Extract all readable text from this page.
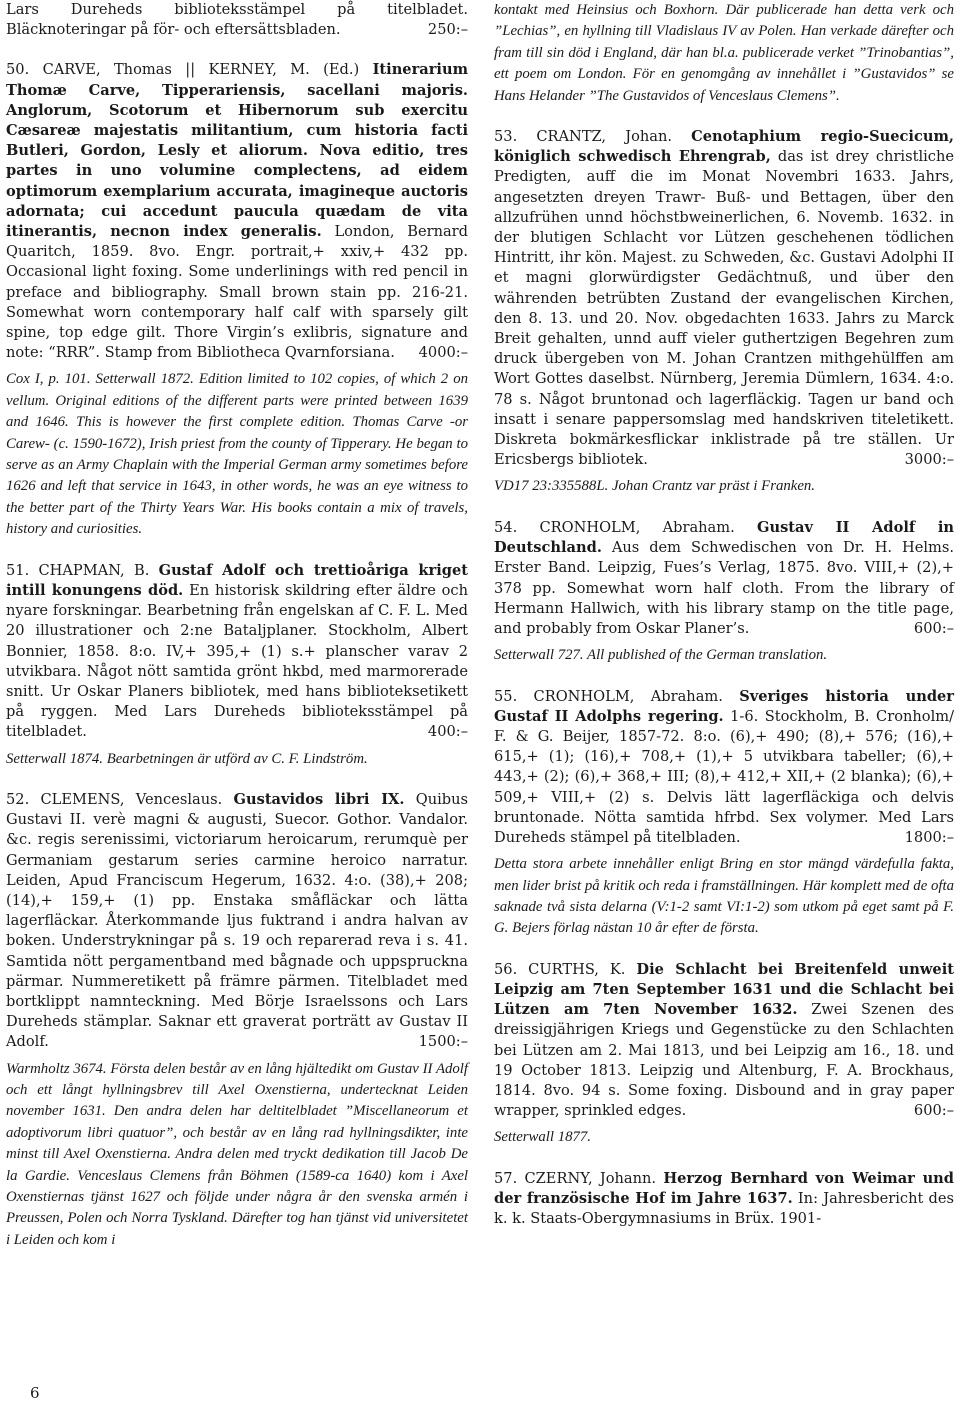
Lars Dureheds biblioteksstämpel på titelbladet. Bläcknoteringar på för- och eftersättsbladen.	250:–

50. CARVE, Thomas || KERNEY, M. (Ed.) Itinerarium Thomæ Carve, Tipperariensis, sacellani majoris. Anglorum, Scotorum et Hibernorum sub exercitu Cæsareæ majestatis militantium, cum historia facti Butleri, Gordon, Lesly et aliorum. Nova editio, tres partes in uno volumine complectens, ad eidem optimorum exemplarium accurata, imagineque auctoris adornata; cui accedunt paucula quædam de vita itinerantis, necnon index generalis. London, Bernard Quaritch, 1859. 8vo. Engr. portrait,+ xxiv,+ 432 pp. Occasional light foxing. Some underlinings with red pencil in preface and bibliography. Small brown stain pp. 216-21. Somewhat worn contemporary half calf with sparsely gilt spine, top edge gilt. Thore Virgin’s exlibris, signature and note: “RRR”. Stamp from Bibliotheca Qvarnforsiana. 4000:–

Cox I, p. 101. Setterwall 1872. Edition limited to 102 copies, of which 2 on vellum. Original editions of the different parts were printed between 1639 and 1646. This is however the first complete edition. Thomas Carve -or Carew- (c. 1590-1672), Irish priest from the county of Tipperary. He began to serve as an Army Chaplain with the Imperial German army sometimes before 1626 and left that service in 1643, in other words, he was an eye witness to the better part of the Thirty Years War. His books contain a mix of travels, history and curiosities.

51. CHAPMAN, B. Gustaf Adolf och trettioåriga kriget intill konungens död. En historisk skildring efter äldre och nyare forskningar. Bearbetning från engelskan af C. F. L. Med 20 illustrationer och 2:ne Bataljplaner. Stockholm, Albert Bonnier, 1858. 8:o. IV,+ 395,+ (1) s.+ planscher varav 2 utvikbara. Något nött samtida grönt hkbd, med marmorerade snitt. Ur Oskar Planers bibliotek, med hans biblioteksetikett på ryggen. Med Lars Dureheds biblioteksstämpel på titelbladet.	400:–

Setterwall 1874. Bearbetningen är utförd av C. F. Lindström.

52. CLEMENS, Venceslaus. Gustavidos libri IX. Quibus Gustavi II. verè magni & augusti, Suecor. Gothor. Vandalor. &c. regis serenissimi, victoriarum heroicarum, rerumquè per Germaniam gestarum series carmine heroico narratur. Leiden, Apud Franciscum Hegerum, 1632. 4:o. (38),+ 208; (14),+ 159,+ (1) pp. Enstaka småfläckar och lätta lagerfläckar. Återkommande ljus fuktrand i andra halvan av boken. Understrykningar på s. 19 och reparerad reva i s. 41. Samtida nött pergamentband med bågnade och uppspruckna pärmar. Nummeretikett på främre pärmen. Titelbladet med bortklippt namnteckning. Med Börje Israelssons och Lars Dureheds stämplar. Saknar ett graverat porträtt av Gustav II Adolf.	1500:–

Warmholtz 3674. Första delen består av en lång hjältedikt om Gustav II Adolf och ett långt hyllningsbrev till Axel Oxenstierna, undertecknat Leiden november 1631. Den andra delen har deltitelbladet ”Miscellaneorum et adoptivorum libri quatuor”, och består av en lång rad hyllningsdikter, inte minst till Axel Oxenstierna. Andra delen med tryckt dedikation till Jacob De la Gardie. Venceslaus Clemens från Böhmen (1589-ca 1640) kom i Axel Oxenstiernas tjänst 1627 och följde under några år den svenska armén i Preussen, Polen och Norra Tyskland. Därefter tog han tjänst vid universitetet i Leiden och kom i

kontakt med Heinsius och Boxhorn. Där publicerade han detta verk och ”Lechias”, en hyllning till Vladislaus IV av Polen. Han verkade därefter och fram till sin död i England, där han bl.a. publicerade verket ”Trinobantias”, ett poem om London. För en genomgång av innehållet i ”Gustavidos” se Hans Helander ”The Gustavidos of Venceslaus Clemens”.

53. CRANTZ, Johan. Cenotaphium regio-Suecicum, königlich schwedisch Ehrengrab, das ist drey christliche Predigten, auff die im Monat Novembri 1633. Jahrs, angesetzten dreyen Trawr- Buß- und Bettagen, über den allzufrühen unnd höchstbweinerlichen, 6. Novemb. 1632. in der blutigen Schlacht vor Lützen geschehenen tödlichen Hintritt, ihr kön. Majest. zu Schweden, &c. Gustavi Adolphi II et magni glorwürdigster Gedächtnuß, und über den währenden betrübten Zustand der evangelischen Kirchen, den 8. 13. und 20. Nov. obgedachten 1633. Jahrs zu Marck Breit gehalten, unnd auff vieler guthertzigen Begehren zum druck übergeben von M. Johan Crantzen mithgehülffen am Wort Gottes daselbst. Nürnberg, Jeremia Dümlern, 1634. 4:o. 78 s. Något bruntonad och lagerfläckig. Tagen ur band och insatt i senare pappersomslag med handskriven titeletikett. Diskreta bokmärkesflickar inklistrade på tre ställen. Ur Ericsbergs bibliotek.	3000:–

VD17 23:335588L. Johan Crantz var präst i Franken.

54. CRONHOLM, Abraham. Gustav II Adolf in Deutschland. Aus dem Schwedischen von Dr. H. Helms. Erster Band. Leipzig, Fues’s Verlag, 1875. 8vo. VIII,+ (2),+ 378 pp. Somewhat worn half cloth. From the library of Hermann Hallwich, with his library stamp on the title page, and probably from Oskar Planer’s.	600:–

Setterwall 727. All published of the German translation.

55. CRONHOLM, Abraham. Sveriges historia under Gustaf II Adolphs regering. 1-6. Stockholm, B. Cronholm/ F. & G. Beijer, 1857-72. 8:o. (6),+ 490; (8),+ 576; (16),+ 615,+ (1); (16),+ 708,+ (1),+ 5 utvikbara tabeller; (6),+ 443,+ (2); (6),+ 368,+ III; (8),+ 412,+ XII,+ (2 blanka); (6),+ 509,+ VIII,+ (2) s. Delvis lätt lagerfläckiga och delvis bruntonade. Nötta samtida hfrbd. Sex volymer. Med Lars Dureheds stämpel på titelbladen.	1800:–

Detta stora arbete innehåller enligt Bring en stor mängd värdefulla fakta, men lider brist på kritik och reda i framställningen. Här komplett med de ofta saknade två sista delarna (V:1-2 samt VI:1-2) som utkom på eget samt på F. G. Bejers förlag nästan 10 år efter de första.

56. CURTHS, K. Die Schlacht bei Breitenfeld unweit Leipzig am 7ten September 1631 und die Schlacht bei Lützen am 7ten November 1632. Zwei Szenen des dreissigjährigen Kriegs und Gegenstücke zu den Schlachten bei Lützen am 2. Mai 1813, und bei Leipzig am 16., 18. und 19 October 1813. Leipzig und Altenburg, F. A. Brockhaus, 1814. 8vo. 94 s. Some foxing. Disbound and in gray paper wrapper, sprinkled edges.	600:–

Setterwall 1877.

57. CZERNY, Johann. Herzog Bernhard von Weimar und der französische Hof im Jahre 1637. In: Jahresbericht des k. k. Staats-Obergymnasiums in Brüx. 1901-

6
